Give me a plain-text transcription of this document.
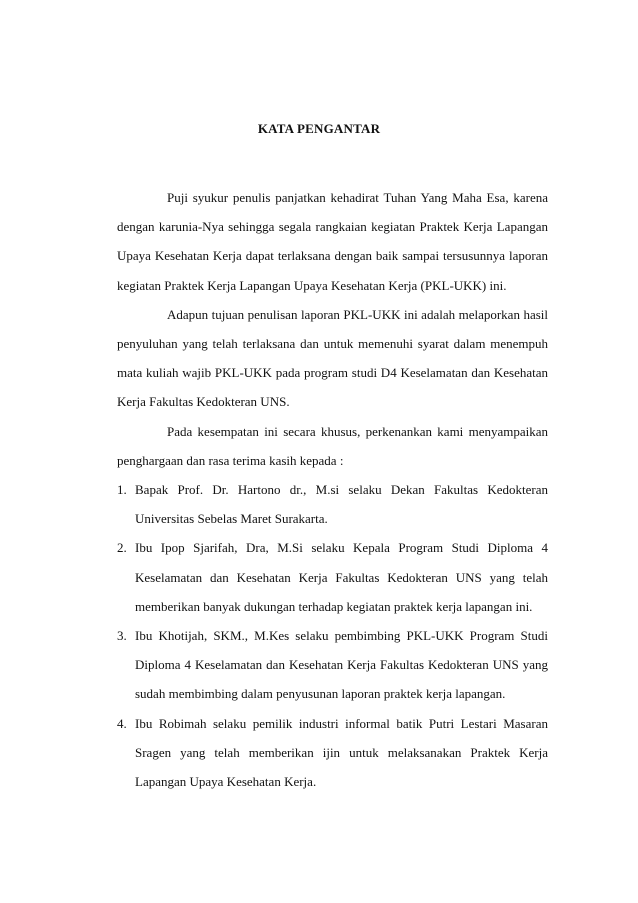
KATA PENGANTAR

Puji syukur penulis panjatkan kehadirat Tuhan Yang Maha Esa, karena dengan karunia-Nya sehingga segala rangkaian kegiatan Praktek Kerja Lapangan Upaya Kesehatan Kerja dapat terlaksana dengan baik sampai tersusunnya laporan kegiatan Praktek Kerja Lapangan Upaya Kesehatan Kerja (PKL-UKK) ini.

Adapun tujuan penulisan laporan PKL-UKK ini adalah melaporkan hasil penyuluhan yang telah terlaksana dan untuk memenuhi syarat dalam menempuh mata kuliah wajib PKL-UKK pada program studi D4 Keselamatan dan Kesehatan Kerja Fakultas Kedokteran UNS.

Pada kesempatan ini secara khusus, perkenankan kami menyampaikan penghargaan dan rasa terima kasih kepada :

1. Bapak Prof. Dr. Hartono dr., M.si selaku Dekan Fakultas Kedokteran Universitas Sebelas Maret Surakarta.
2. Ibu Ipop Sjarifah, Dra, M.Si selaku Kepala Program Studi Diploma 4 Keselamatan dan Kesehatan Kerja Fakultas Kedokteran UNS yang telah memberikan banyak dukungan terhadap kegiatan praktek kerja lapangan ini.
3. Ibu Khotijah, SKM., M.Kes selaku pembimbing PKL-UKK Program Studi Diploma 4 Keselamatan dan Kesehatan Kerja Fakultas Kedokteran UNS yang sudah membimbing dalam penyusunan laporan praktek kerja lapangan.
4. Ibu Robimah selaku pemilik industri informal batik Putri Lestari Masaran Sragen yang telah memberikan ijin untuk melaksanakan Praktek Kerja Lapangan Upaya Kesehatan Kerja.
